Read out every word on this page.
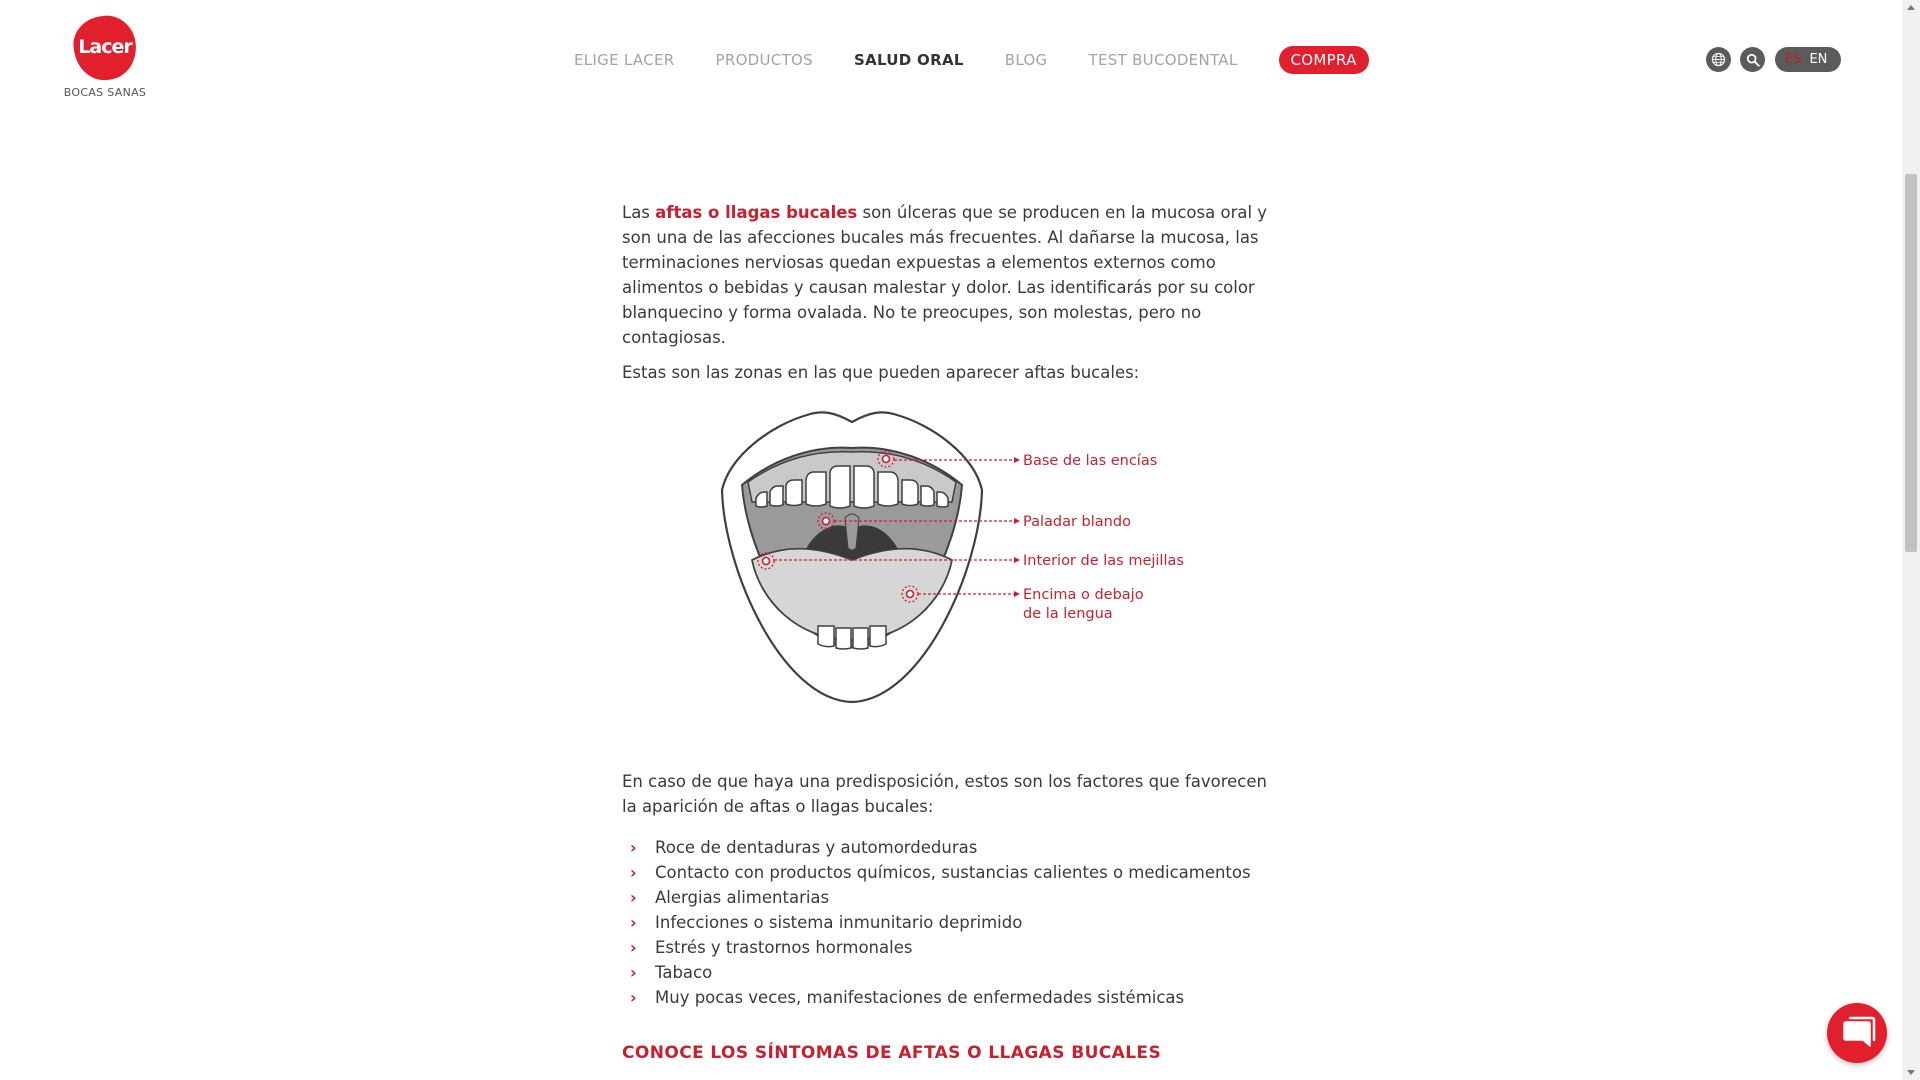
Lacer
BOCAS SANAS
ELIGE LACER	PRODUCTOS	SALUD ORAL	BLOG	TEST BUCODENTAL	COMPRA	ES EN

Las aftas o llagas bucales son úlceras que se producen en la mucosa oral y son una de las afecciones bucales más frecuentes. Al dañarse la mucosa, las terminaciones nerviosas quedan expuestas a elementos externos como alimentos o bebidas y causan malestar y dolor. Las identificarás por su color blanquecino y forma ovalada. No te preocupes, son molestas, pero no contagiosas.

Estas son las zonas en las que pueden aparecer aftas bucales:

Base de las encías
Paladar blando
Interior de las mejillas
Encima o debajo
de la lengua

En caso de que haya una predisposición, estos son los factores que favorecen la aparición de aftas o llagas bucales:

› Roce de dentaduras y automordeduras
› Contacto con productos químicos, sustancias calientes o medicamentos
› Alergias alimentarias
› Infecciones o sistema inmunitario deprimido
› Estrés y trastornos hormonales
› Tabaco
› Muy pocas veces, manifestaciones de enfermedades sistémicas
CONOCE LOS SÍNTOMAS DE AFTAS O LLAGAS BUCALES
